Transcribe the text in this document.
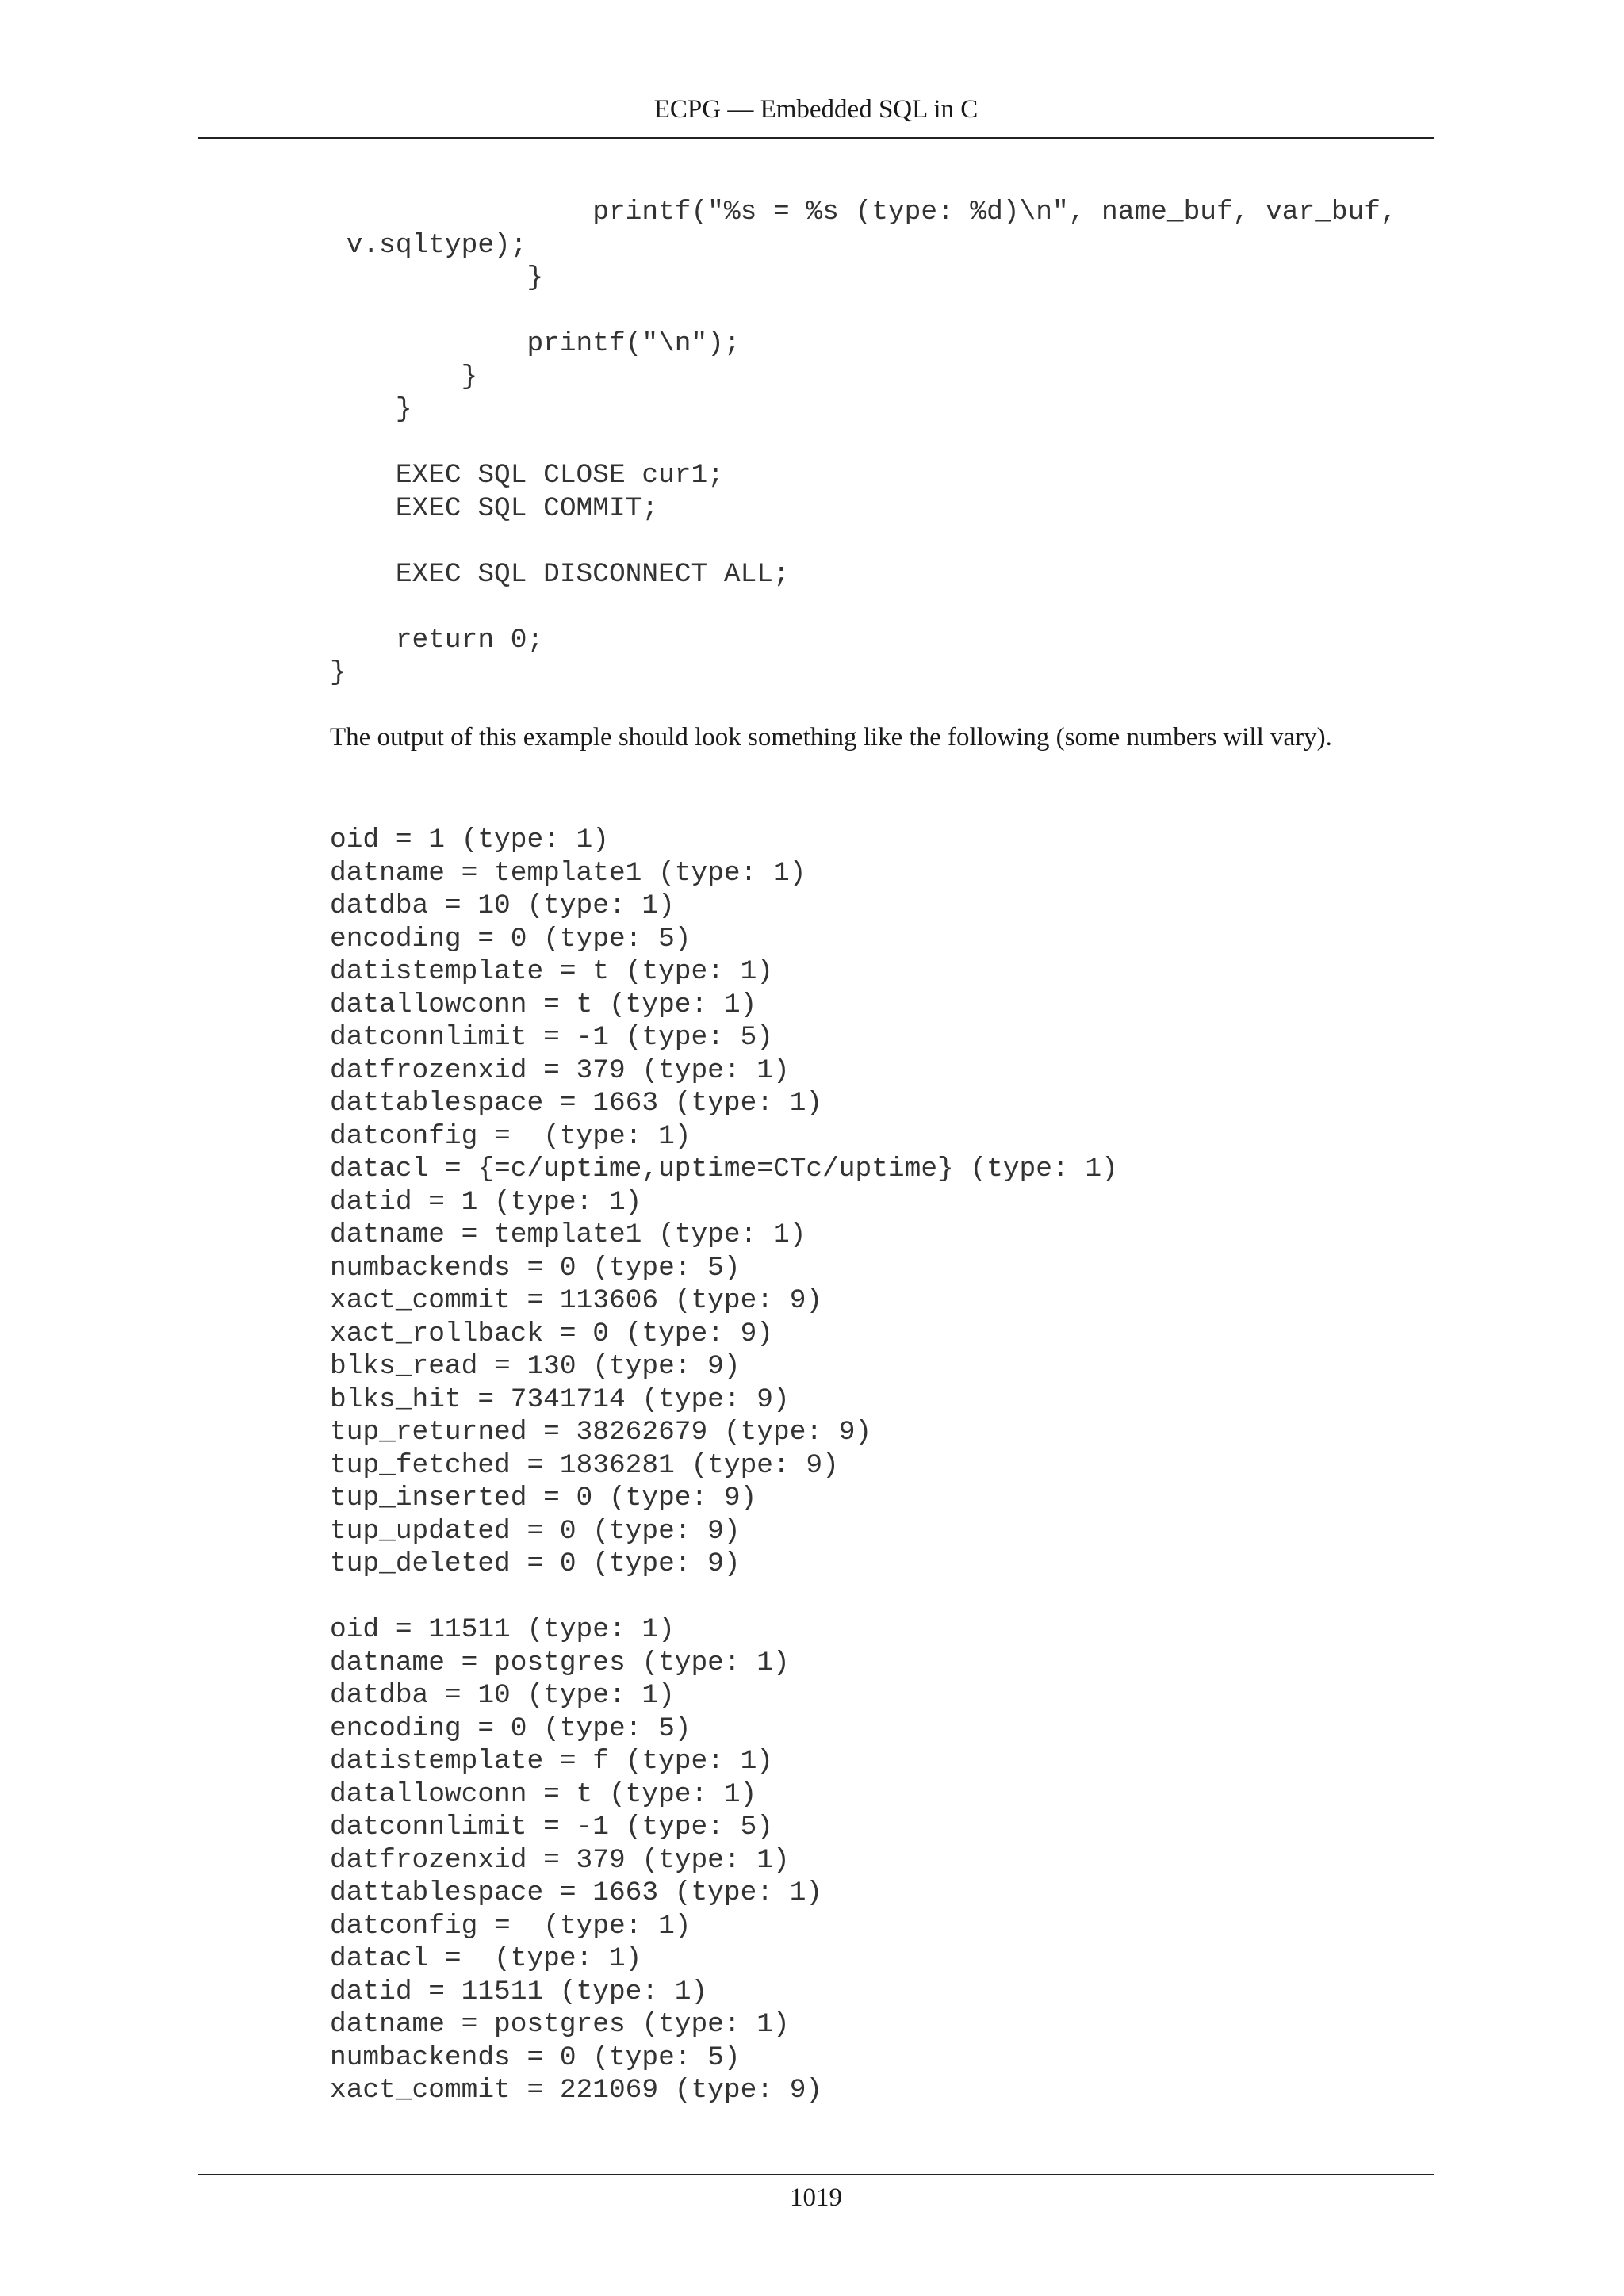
ECPG — Embedded SQL in C
printf("%s = %s (type: %d)\n", name_buf, var_buf,
v.sqltype);
}
printf("\n");
}
}
EXEC SQL CLOSE cur1;
EXEC SQL COMMIT;
EXEC SQL DISCONNECT ALL;
return 0;
}
The output of this example should look something like the following (some numbers will vary).
oid = 1 (type: 1)
datname = template1 (type: 1)
datdba = 10 (type: 1)
encoding = 0 (type: 5)
datistemplate = t (type: 1)
datallowconn = t (type: 1)
datconnlimit = -1 (type: 5)
datfrozenxid = 379 (type: 1)
dattablespace = 1663 (type: 1)
datconfig =  (type: 1)
datacl = {=c/uptime,uptime=CTc/uptime} (type: 1)
datid = 1 (type: 1)
datname = template1 (type: 1)
numbackends = 0 (type: 5)
xact_commit = 113606 (type: 9)
xact_rollback = 0 (type: 9)
blks_read = 130 (type: 9)
blks_hit = 7341714 (type: 9)
tup_returned = 38262679 (type: 9)
tup_fetched = 1836281 (type: 9)
tup_inserted = 0 (type: 9)
tup_updated = 0 (type: 9)
tup_deleted = 0 (type: 9)
oid = 11511 (type: 1)
datname = postgres (type: 1)
datdba = 10 (type: 1)
encoding = 0 (type: 5)
datistemplate = f (type: 1)
datallowconn = t (type: 1)
datconnlimit = -1 (type: 5)
datfrozenxid = 379 (type: 1)
dattablespace = 1663 (type: 1)
datconfig =  (type: 1)
datacl =  (type: 1)
datid = 11511 (type: 1)
datname = postgres (type: 1)
numbackends = 0 (type: 5)
xact_commit = 221069 (type: 9)
1019
